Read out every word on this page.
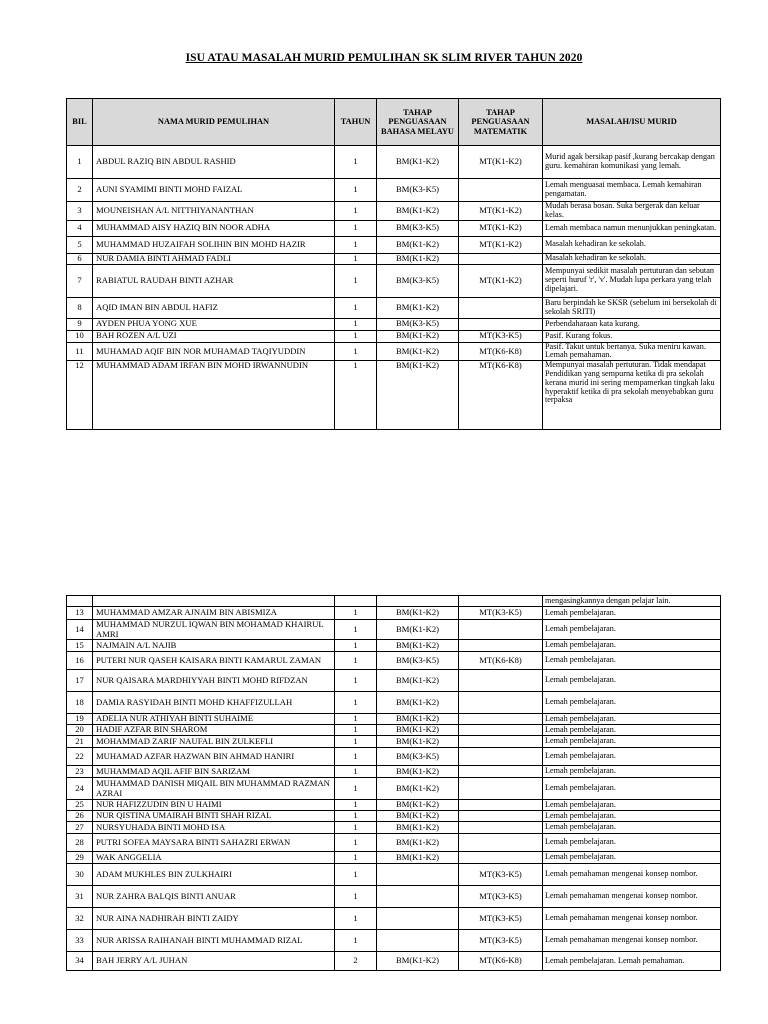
ISU ATAU MASALAH MURID PEMULIHAN SK SLIM RIVER TAHUN 2020
BIL	NAMA MURID PEMULIHAN	TAHUN	TAHAP PENGUASAAN BAHASA MELAYU	TAHAP PENGUASAAN MATEMATIK	MASALAH/ISU MURID
1	ABDUL RAZIQ BIN ABDUL RASHID	1	BM(K1-K2)	MT(K1-K2)	Murid agak bersikap pasif ,kurang bercakap dengan guru. kemahiran komunikasi yang lemah.
2	AUNI SYAMIMI BINTI MOHD FAIZAL	1	BM(K3-K5)		Lemah menguasai membaca. Lemah kemahiran pengamatan.
3	MOUNEISHAN A/L NITTHIYANANTHAN	1	BM(K1-K2)	MT(K1-K2)	Mudah berasa bosan. Suka bergerak dan keluar kelas.
4	MUHAMMAD AISY HAZIQ BIN NOOR ADHA	1	BM(K3-K5)	MT(K1-K2)	Lemah membaca namun menunjukkan peningkatan.
5	MUHAMMAD HUZAIFAH SOLIHIN BIN MOHD HAZIR	1	BM(K1-K2)	MT(K1-K2)	Masalah kehadiran ke sekolah.
6	NUR DAMIA BINTI AHMAD FADLI	1	BM(K1-K2)		Masalah kehadiran ke sekolah.
7	RABIATUL RAUDAH BINTI AZHAR	1	BM(K3-K5)	MT(K1-K2)	Mempunyai sedikit masalah pertuturan dan sebutan seperti huruf 'r', 'v'. Mudah lupa perkara yang telah dipelajari.
8	AQID IMAN BIN ABDUL HAFIZ	1	BM(K1-K2)		Baru berpindah ke SKSR (sebelum ini bersekolah di sekolah SRITI)
9	AYDEN PHUA YONG XUE	1	BM(K3-K5)		Perbendaharaan kata kurang.
10	BAH ROZEN A/L UZI	1	BM(K1-K2)	MT(K3-K5)	Pasif. Kurang fokus.
11	MUHAMAD AQIF BIN NOR MUHAMAD TAQIYUDDIN	1	BM(K1-K2)	MT(K6-K8)	Pasif. Takut untuk bertanya. Suka meniru kawan. Lemah pemahaman.
12	MUHAMMAD ADAM IRFAN BIN MOHD IRWANNUDIN	1	BM(K1-K2)	MT(K6-K8)	Mempunyai masalah pertuturan. Tidak mendapat Pendidikan yang sempurna ketika di pra sekolah kerana murid ini sering mempamerkan tingkah laku hyperaktif ketika di pra sekolah menyebabkan guru terpaksa
					mengasingkannya dengan pelajar lain.
13	MUHAMMAD AMZAR AJNAIM BIN ABISMIZA	1	BM(K1-K2)	MT(K3-K5)	Lemah pembelajaran.
14	MUHAMMAD NURZUL IQWAN BIN MOHAMAD KHAIRUL AMRI	1	BM(K1-K2)		Lemah pembelajaran.
15	NAJMAIN A/L NAJIB	1	BM(K1-K2)		Lemah pembelajaran.
16	PUTERI NUR QASEH KAISARA BINTI KAMARUL ZAMAN	1	BM(K3-K5)	MT(K6-K8)	Lemah pembelajaran.
17	NUR QAISARA MARDHIYYAH BINTI MOHD RIFDZAN	1	BM(K1-K2)		Lemah pembelajaran.
18	DAMIA RASYIDAH BINTI MOHD KHAFFIZULLAH	1	BM(K1-K2)		Lemah pembelajaran.
19	ADELIA NUR ATHIYAH BINTI SUHAIME	1	BM(K1-K2)		Lemah pembelajaran.
20	HADIF AZFAR BIN SHAROM	1	BM(K1-K2)		Lemah pembelajaran.
21	MOHAMMAD ZARIF NAUFAL BIN ZULKEFLI	1	BM(K1-K2)		Lemah pembelajaran.
22	MUHAMAD AZFAR HAZWAN BIN AHMAD HANIRI	1	BM(K3-K5)		Lemah pembelajaran.
23	MUHAMMAD AQIL AFIF BIN SARIZAM	1	BM(K1-K2)		Lemah pembelajaran.
24	MUHAMMAD DANISH MIQAIL BIN MUHAMMAD RAZMAN AZRAI	1	BM(K1-K2)		Lemah pembelajaran.
25	NUR HAFIZZUDIN BIN U HAIMI	1	BM(K1-K2)		Lemah pembelajaran.
26	NUR QISTINA UMAIRAH BINTI SHAH RIZAL	1	BM(K1-K2)		Lemah pembelajaran.
27	NURSYUHADA BINTI MOHD ISA	1	BM(K1-K2)		Lemah pembelajaran.
28	PUTRI SOFEA MAYSARA BINTI SAHAZRI ERWAN	1	BM(K1-K2)		Lemah pembelajaran.
29	WAK ANGGELIA	1	BM(K1-K2)		Lemah pembelajaran.
30	ADAM MUKHLES BIN ZULKHAIRI	1		MT(K3-K5)	Lemah pemahaman mengenai konsep nombor.
31	NUR ZAHRA BALQIS BINTI ANUAR	1		MT(K3-K5)	Lemah pemahaman mengenai konsep nombor.
32	NUR AINA NADHIRAH BINTI ZAIDY	1		MT(K3-K5)	Lemah pemahaman mengenai konsep nombor.
33	NUR ARISSA RAIHANAH BINTI MUHAMMAD RIZAL	1		MT(K3-K5)	Lemah pemahaman mengenai konsep nombor.
34	BAH JERRY A/L JUHAN	2	BM(K1-K2)	MT(K6-K8)	Lemah pembelajaran. Lemah pemahaman.
